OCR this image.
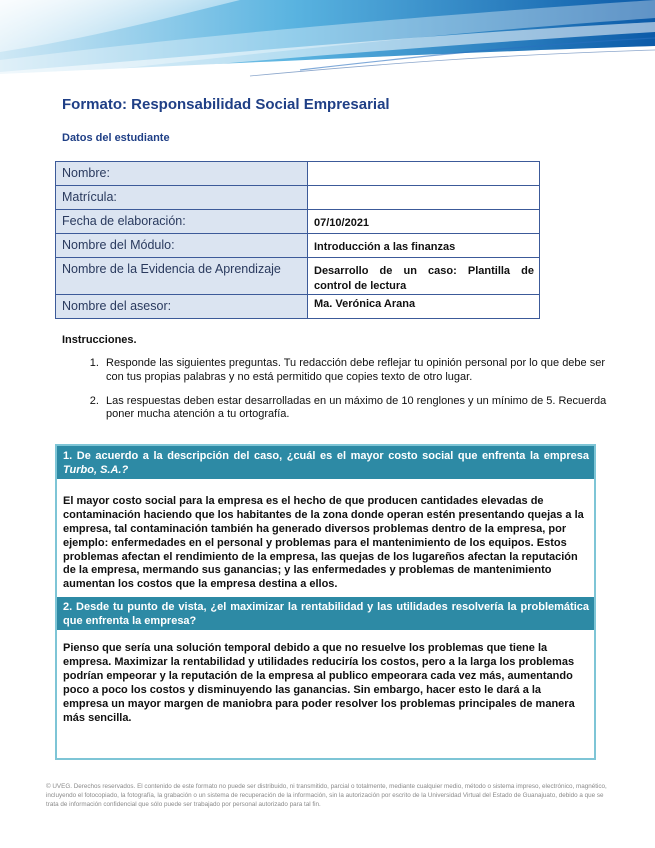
Formato: Responsabilidad Social Empresarial
Datos del estudiante
Nombre:	
Matrícula:	
Fecha de elaboración:	07/10/2021
Nombre del Módulo:	Introducción a las finanzas
Nombre de la Evidencia de Aprendizaje	Desarrollo de un caso: Plantilla de control de lectura
Nombre del asesor:	Ma. Verónica Arana
Instrucciones.
1. Responde las siguientes preguntas. Tu redacción debe reflejar tu opinión personal por lo que debe ser con tus propias palabras y no está permitido que copies texto de otro lugar.
2. Las respuestas deben estar desarrolladas en un máximo de 10 renglones y un mínimo de 5. Recuerda poner mucha atención a tu ortografía.
1. De acuerdo a la descripción del caso, ¿cuál es el mayor costo social que enfrenta la empresa Turbo, S.A.?
El mayor costo social para la empresa es el hecho de que producen cantidades elevadas de contaminación haciendo que los habitantes de la zona donde operan estén presentando quejas a la empresa, tal contaminación también ha generado diversos problemas dentro de la empresa, por ejemplo: enfermedades en el personal y problemas para el mantenimiento de los equipos. Estos problemas afectan el rendimiento de la empresa, las quejas de los lugareños afectan la reputación de la empresa, mermando sus ganancias; y las enfermedades y problemas de mantenimiento aumentan los costos que la empresa destina a ellos.
2. Desde tu punto de vista, ¿el maximizar la rentabilidad y las utilidades resolvería la problemática que enfrenta la empresa?
Pienso que sería una solución temporal debido a que no resuelve los problemas que tiene la empresa. Maximizar la rentabilidad y utilidades reduciría los costos, pero a la larga los problemas podrían empeorar y la reputación de la empresa al publico empeorara cada vez más, aumentando poco a poco los costos y disminuyendo las ganancias. Sin embargo, hacer esto le dará a la empresa un mayor margen de maniobra para poder resolver los problemas principales de manera más sencilla.
© UVEG. Derechos reservados. El contenido de este formato no puede ser distribuido, ni transmitido, parcial o totalmente, mediante cualquier medio, método o sistema impreso, electrónico, magnético, incluyendo el fotocopiado, la fotografía, la grabación o un sistema de recuperación de la información, sin la autorización por escrito de la Universidad Virtual del Estado de Guanajuato, debido a que se trata de información confidencial que sólo puede ser trabajado por personal autorizado para tal fin.
